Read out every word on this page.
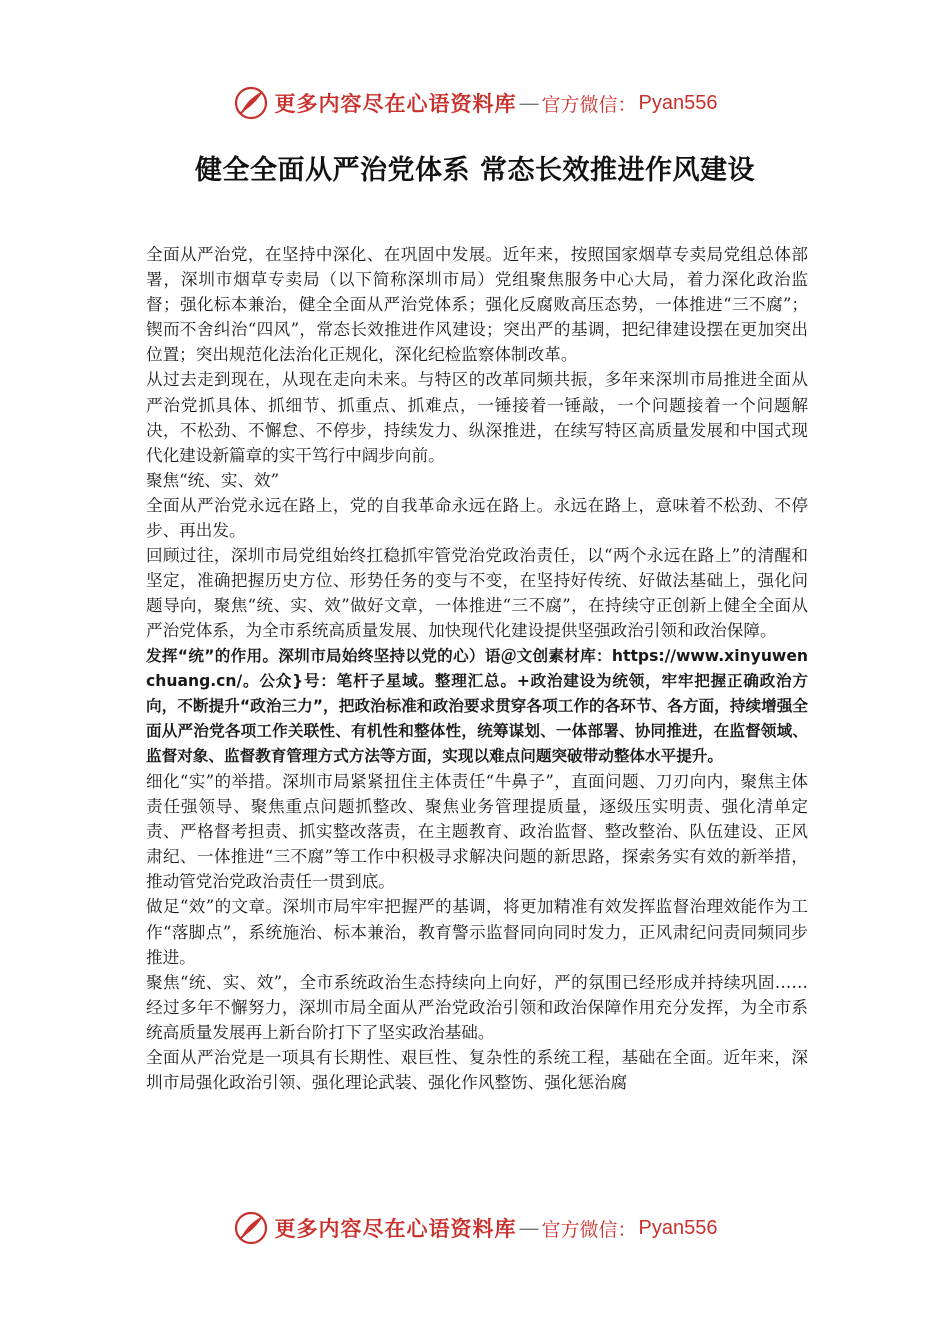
更多内容尽在心语资料库 — 官方微信： Pyan556
健全全面从严治党体系 常态长效推进作风建设

全面从严治党，在坚持中深化、在巩固中发展。近年来，按照国家烟草专卖局党组总体部署，深圳市烟草专卖局（以下简称深圳市局）党组聚焦服务中心大局，着力深化政治监督；强化标本兼治，健全全面从严治党体系；强化反腐败高压态势，一体推进“三不腐”；锲而不舍纠治“四风”，常态长效推进作风建设；突出严的基调，把纪律建设摆在更加突出位置；突出规范化法治化正规化，深化纪检监察体制改革。

从过去走到现在，从现在走向未来。与特区的改革同频共振，多年来深圳市局推进全面从严治党抓具体、抓细节、抓重点、抓难点，一锤接着一锤敲，一个问题接着一个问题解决，不松劲、不懈怠、不停步，持续发力、纵深推进，在续写特区高质量发展和中国式现代化建设新篇章的实干笃行中阔步向前。

聚焦“统、实、效”

全面从严治党永远在路上，党的自我革命永远在路上。永远在路上，意味着不松劲、不停步、再出发。

回顾过往，深圳市局党组始终扛稳抓牢管党治党政治责任，以“两个永远在路上”的清醒和坚定，准确把握历史方位、形势任务的变与不变，在坚持好传统、好做法基础上，强化问题导向，聚焦“统、实、效”做好文章，一体推进“三不腐”，在持续守正创新上健全全面从严治党体系，为全市系统高质量发展、加快现代化建设提供坚强政治引领和政治保障。

发挥“统”的作用。深圳市局始终坚持以党的心）语＠文创素材库：https://www.xinyuwenchuang.cn/。公众}号：笔杆子星域。整理汇总。+政治建设为统领，牢牢把握正确政治方向，不断提升“政治三力”，把政治标准和政治要求贯穿各项工作的各环节、各方面，持续增强全面从严治党各项工作关联性、有机性和整体性，统筹谋划、一体部署、协同推进，在监督领域、监督对象、监督教育管理方式方法等方面，实现以难点问题突破带动整体水平提升。

细化“实”的举措。深圳市局紧紧扭住主体责任“牛鼻子”，直面问题、刀刃向内，聚焦主体责任强领导、聚焦重点问题抓整改、聚焦业务管理提质量，逐级压实明责、强化清单定责、严格督考担责、抓实整改落责，在主题教育、政治监督、整改整治、队伍建设、正风肃纪、一体推进“三不腐”等工作中积极寻求解决问题的新思路，探索务实有效的新举措，推动管党治党政治责任一贯到底。

做足“效”的文章。深圳市局牢牢把握严的基调，将更加精准有效发挥监督治理效能作为工作“落脚点”，系统施治、标本兼治，教育警示监督同向同时发力，正风肃纪问责同频同步推进。

聚焦“统、实、效”，全市系统政治生态持续向上向好，严的氛围已经形成并持续巩固……经过多年不懈努力，深圳市局全面从严治党政治引领和政治保障作用充分发挥，为全市系统高质量发展再上新台阶打下了坚实政治基础。

全面从严治党是一项具有长期性、艰巨性、复杂性的系统工程，基础在全面。近年来，深圳市局强化政治引领、强化理论武装、强化作风整饬、强化惩治腐

更多内容尽在心语资料库 — 官方微信： Pyan556
